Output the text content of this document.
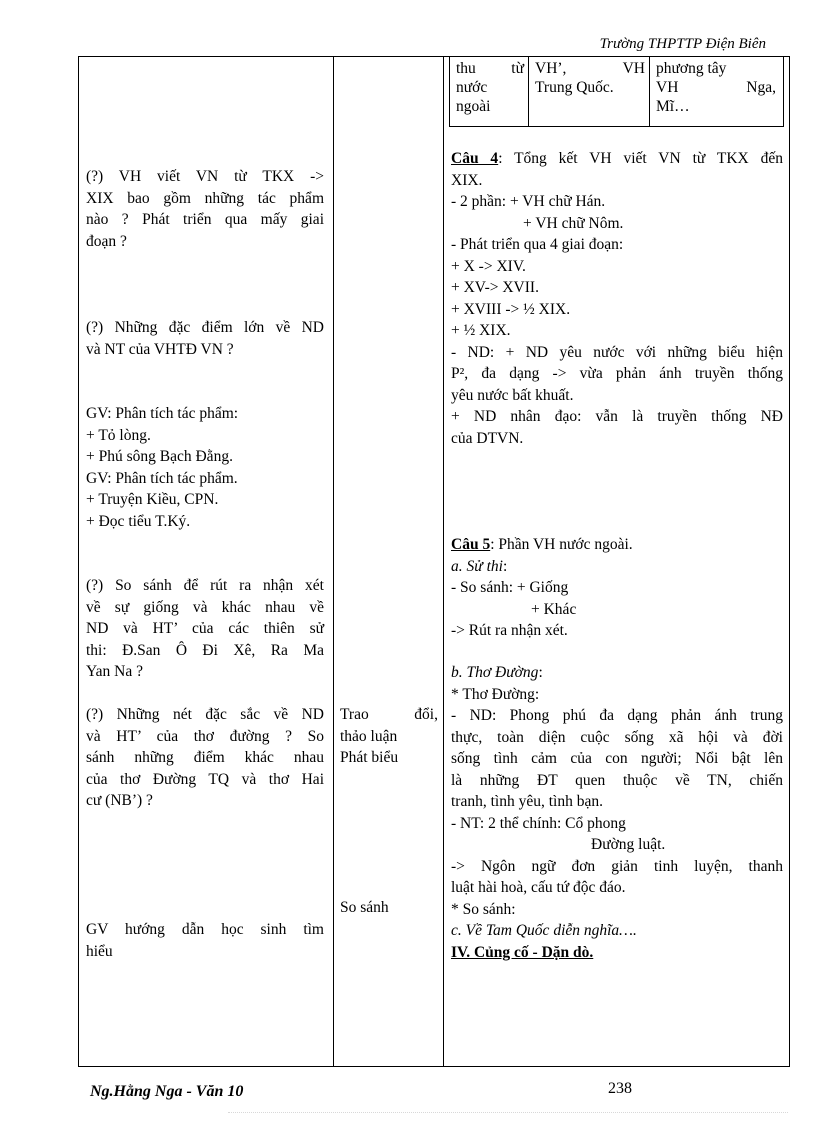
Trường THPTTP Điện Biên
thu từ
nước
ngoài
VH’, VH
Trung Quốc.
phương tây
VH Nga,
Mĩ…
(?) VH viết VN từ TKX ->
XIX bao gồm những tác phẩm
nào ? Phát triển qua mấy giai
đoạn ?
(?) Những đặc điểm lớn về ND
và NT của VHTĐ VN ?
GV: Phân tích tác phẩm:
+ Tỏ lòng.
+ Phú sông Bạch Đằng.
GV: Phân tích tác phẩm.
+ Truyện Kiều, CPN.
+ Đọc tiểu T.Ký.
(?) So sánh để rút ra nhận xét
về sự giống và khác nhau về
ND và HT’ của các thiên sử
thi: Đ.San Ô Đi Xê, Ra Ma
Yan Na ?
(?) Những nét đặc sắc về ND
và HT’ của thơ đường ? So
sánh những điểm khác nhau
của thơ Đường TQ và thơ Hai
cư (NB’) ?
GV hướng dẫn học sinh tìm
hiểu
Trao đổi,
thảo luận
Phát biểu
So sánh
Câu 4: Tổng kết VH viết VN từ TKX đến
XIX.
- 2 phần: + VH chữ Hán.
+ VH chữ Nôm.
- Phát triển qua 4 giai đoạn:
+ X -> XIV.
+ XV-> XVII.
+ XVIII -> ½ XIX.
+ ½ XIX.
- ND: + ND yêu nước với những biểu hiện
P², đa dạng -> vừa phản ánh truyền thống
yêu nước bất khuất.
+ ND nhân đạo: vẫn là truyền thống NĐ
của DTVN.
Câu 5: Phần VH nước ngoài.
a. Sử thi:
- So sánh: + Giống
+ Khác
-> Rút ra nhận xét.
b. Thơ Đường:
* Thơ Đường:
- ND: Phong phú đa dạng phản ánh trung
thực, toàn diện cuộc sống xã hội và đời
sống tình cảm của con người; Nổi bật lên
là những ĐT quen thuộc về TN, chiến
tranh, tình yêu, tình bạn.
- NT: 2 thể chính: Cổ phong
Đường luật.
-> Ngôn ngữ đơn giản tinh luyện, thanh
luật hài hoà, cấu tứ độc đáo.
* So sánh:
c. Về Tam Quốc diễn nghĩa….
IV. Củng cố - Dặn dò.
Ng.Hằng Nga - Văn 10	238
